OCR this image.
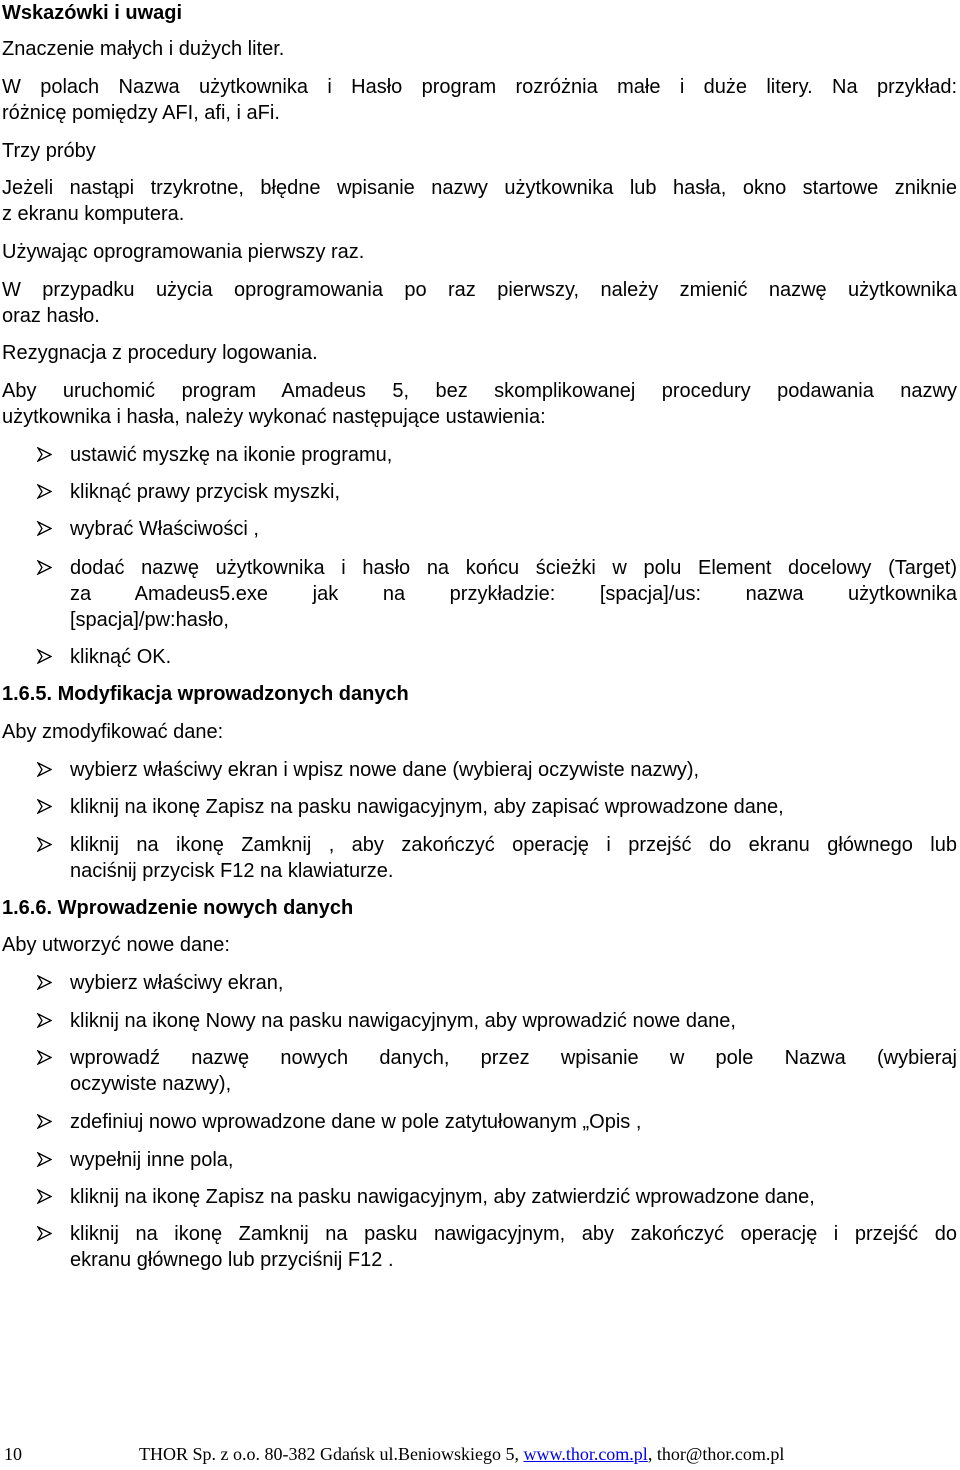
Wskazówki i uwagi

Znaczenie małych i dużych liter.

W polach Nazwa użytkownika i Hasło program rozróżnia małe i duże litery. Na przykład:

różnicę pomiędzy AFI, afi, i aFi.

Trzy próby

Jeżeli nastąpi trzykrotne, błędne wpisanie nazwy użytkownika lub hasła, okno startowe zniknie

z ekranu komputera.

Używając oprogramowania pierwszy raz.

W przypadku użycia oprogramowania po raz pierwszy, należy zmienić nazwę użytkownika

oraz hasło.

Rezygnacja z procedury logowania.

Aby uruchomić program Amadeus 5, bez skomplikowanej procedury podawania nazwy

użytkownika i hasła, należy wykonać następujące ustawienia:

ustawić myszkę na ikonie programu,

kliknąć prawy przycisk myszki,

wybrać Właściwości ,

dodać nazwę użytkownika i hasło na końcu ścieżki w polu Element docelowy (Target)

za Amadeus5.exe jak na przykładzie: [spacja]/us: nazwa użytkownika

[spacja]/pw:hasło,

kliknąć OK.

1.6.5. Modyfikacja wprowadzonych danych

Aby zmodyfikować dane:

wybierz właściwy ekran i wpisz nowe dane (wybieraj oczywiste nazwy),

kliknij na ikonę Zapisz na pasku nawigacyjnym, aby zapisać wprowadzone dane,

kliknij na ikonę Zamknij , aby zakończyć operację i przejść do ekranu głównego lub

naciśnij przycisk F12 na klawiaturze.

1.6.6. Wprowadzenie nowych danych

Aby utworzyć nowe dane:

wybierz właściwy ekran,

kliknij na ikonę Nowy na pasku nawigacyjnym, aby wprowadzić nowe dane,

wprowadź nazwę nowych danych, przez wpisanie w pole Nazwa (wybieraj

oczywiste nazwy),

zdefiniuj nowo wprowadzone dane w pole zatytułowanym „Opis ,

wypełnij inne pola,

kliknij na ikonę Zapisz na pasku nawigacyjnym, aby zatwierdzić wprowadzone dane,

kliknij na ikonę Zamknij na pasku nawigacyjnym, aby zakończyć operację i przejść do

ekranu głównego lub przyciśnij F12 .

10	THOR Sp. z o.o. 80-382 Gdańsk ul.Beniowskiego 5, www.thor.com.pl, thor@thor.com.pl
